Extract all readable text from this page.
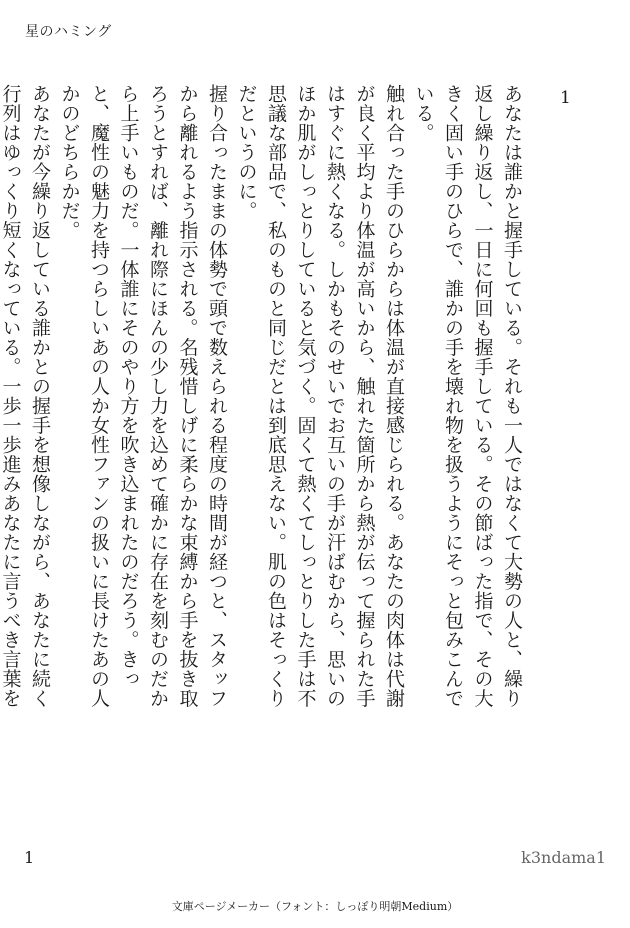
星のハミング
1

あなたは誰かと握手している。それも一人ではなくて大勢の人と、繰り返し繰り返し、一日に何回も握手している。その節ばった指で、その大きく固い手のひらで、誰かの手を壊れ物を扱うようにそっと包みこんでいる。

触れ合った手のひらからは体温が直接感じられる。あなたの肉体は代謝が良く平均より体温が高いから、触れた箇所から熱が伝って握られた手はすぐに熱くなる。しかもそのせいでお互いの手が汗ばむから、思いのほか肌がしっとりしていると気づく。固くて熱くてしっとりした手は不思議な部品で、私のものと同じだとは到底思えない。肌の色はそっくりだというのに。

握り合ったままの体勢で頭で数えられる程度の時間が経つと、スタッフから離れるよう指示される。名残惜しげに柔らかな束縛から手を抜き取ろうとすれば、離れ際にほんの少し力を込めて確かに存在を刻むのだから上手いものだ。一体誰にそのやり方を吹き込まれたのだろう。きっと、魔性の魅力を持つらしいあの人か女性ファンの扱いに長けたあの人かのどちらかだ。

あなたが今繰り返している誰かとの握手を想像しながら、あなたに続く行列はゆっくり短くなっている。一歩一歩進みあなたに言うべき言葉を

1	k3ndama1
文庫ページメーカー（フォント：しっぽり明朝Medium）
